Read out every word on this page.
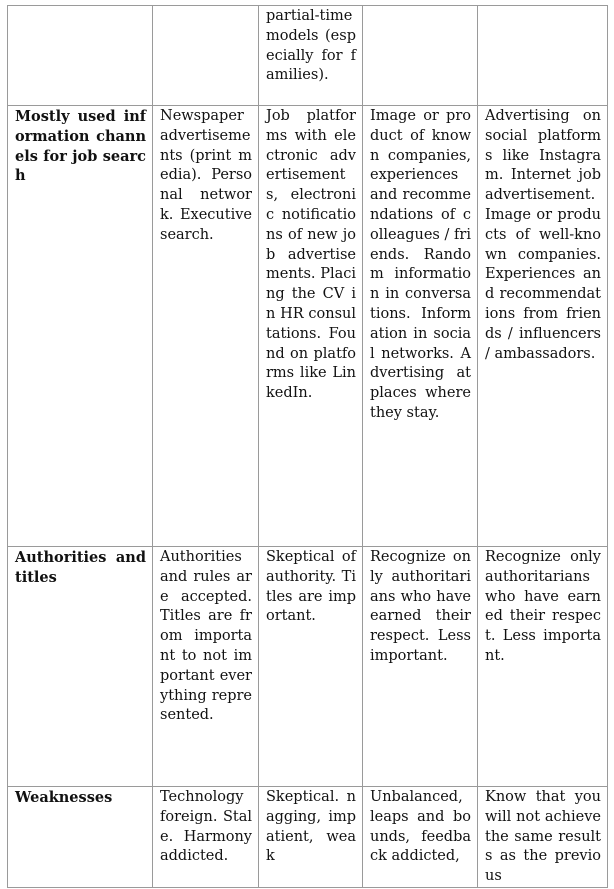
		partial-time models (especially for families).		
Mostly used information channels for job search	Newspaper advertisements (print media). Personal network. Executive search.	Job platforms with electronic advertisements, electronic notifications of new job advertisements. Placing the CV in HR consultations. Found on platforms like LinkedIn.	Image or product of known companies, experiences and recommendations of colleagues / friends. Random information in conversations. Information in social networks. Advertising at places where they stay.	Advertising on social platforms like Instagram. Internet job advertisement. Image or products of well-known companies. Experiences and recommendations from friends / influencers / ambassadors.
Authorities and titles	Authorities and rules are accepted. Titles are from important to not important everything represented.	Skeptical of authority. Titles are important.	Recognize only authoritarians who have earned their respect. Less important.	Recognize only authoritarians who have earned their respect. Less important.
Weaknesses	Technology foreign. Stale. Harmony addicted.	Skeptical. nagging, impatient, weak	Unbalanced, leaps and bounds, feedback addicted,	Know that you will not achieve the same results as the previous
